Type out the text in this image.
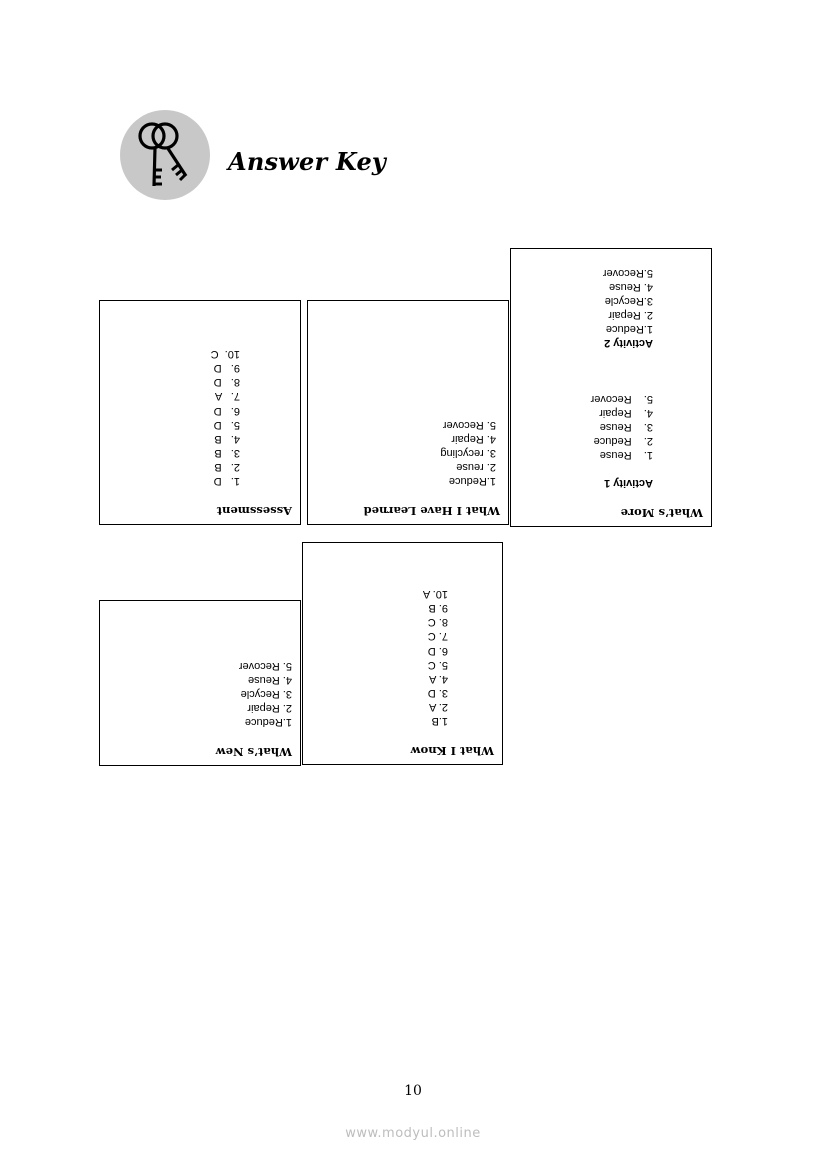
Answer Key
Assessment
1.   D
2.   B
3.   B
4.   B
5.   D
6.   D
7.   A
8.   D
9.   D
10.  C
What I Have Learned
1.Reduce
2. reuse
3. recycling
4. Repair
5. Recover
What’s More
Activity 1
1.    Reuse
2.    Reduce
3.    Reuse
4.    Repair
5.    Recover
Activity 2
1.Reduce
2. Repair
3.Recycle
4. Reuse
5.Recover
What’s New
1.Reduce
2. Repair
3. Recycle
4. Reuse
5. Recover
What I Know
1.B
2. A
3. D
4. A
5. C
6. D
7. C
8. C
9. B
10. A
10
www.modyul.online
